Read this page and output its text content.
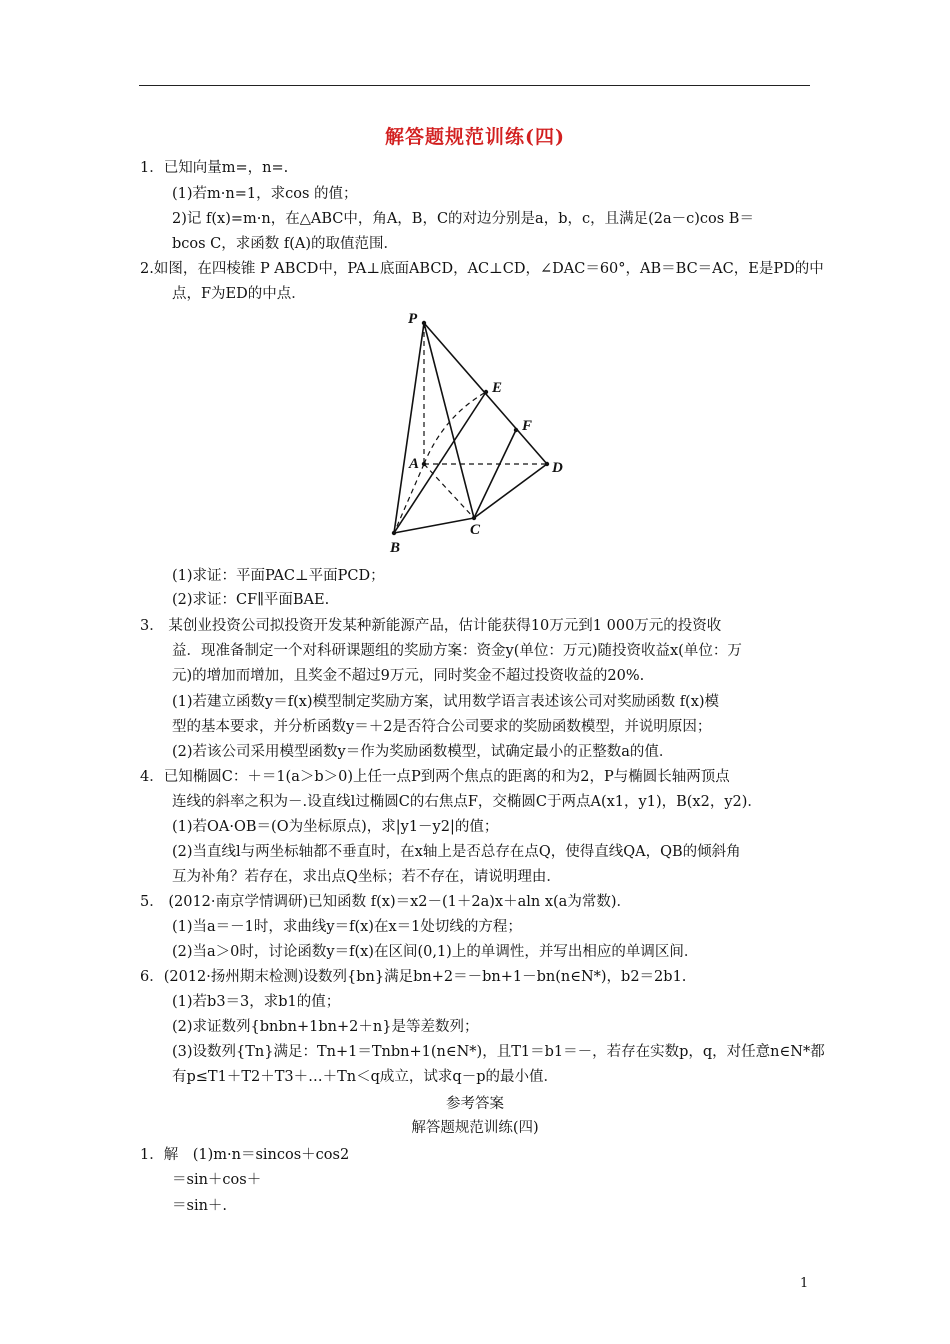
解答题规范训练(四)
1．已知向量m=，n=.
(1)若m·n=1，求cos 的值；
2)记 f(x)=m·n，在△ABC中，角A，B，C的对边分别是a，b，c，且满足(2a－c)cos B＝
bcos C，求函数 f(A)的取值范围．
2.如图，在四棱锥 P ABCD中，PA⊥底面ABCD，AC⊥CD，∠DAC＝60°，AB＝BC＝AC，E是PD的中
点，F为ED的中点．
P
E
F
A	D
C
B
(1)求证：平面PAC⊥平面PCD；
(2)求证：CF∥平面BAE.
3． 某创业投资公司拟投资开发某种新能源产品，估计能获得10万元到1 000万元的投资收
益．现准备制定一个对科研课题组的奖励方案：资金y(单位：万元)随投资收益x(单位：万
元)的增加而增加，且奖金不超过9万元，同时奖金不超过投资收益的20%.
(1)若建立函数y＝f(x)模型制定奖励方案，试用数学语言表述该公司对奖励函数 f(x)模
型的基本要求，并分析函数y＝＋2是否符合公司要求的奖励函数模型，并说明原因；
(2)若该公司采用模型函数y＝作为奖励函数模型，试确定最小的正整数a的值．
4．已知椭圆C：＋＝1(a＞b＞0)上任一点P到两个焦点的距离的和为2，P与椭圆长轴两顶点
连线的斜率之积为－.设直线l过椭圆C的右焦点F，交椭圆C于两点A(x1，y1)，B(x2，y2)．
(1)若OA·OB＝(O为坐标原点)，求|y1－y2|的值；
(2)当直线l与两坐标轴都不垂直时，在x轴上是否总存在点Q，使得直线QA，QB的倾斜角
互为补角？若存在，求出点Q坐标；若不存在，请说明理由．
5． (2012·南京学情调研)已知函数 f(x)＝x2－(1＋2a)x＋aln x(a为常数)．
(1)当a＝－1时，求曲线y＝f(x)在x＝1处切线的方程；
(2)当a＞0时，讨论函数y＝f(x)在区间(0,1)上的单调性，并写出相应的单调区间．
6．(2012·扬州期末检测)设数列{bn}满足bn+2＝－bn+1－bn(n∈N*)，b2＝2b1.
(1)若b3＝3，求b1的值；
(2)求证数列{bnbn+1bn+2＋n}是等差数列；
(3)设数列{Tn}满足：Tn+1＝Tnbn+1(n∈N*)，且T1＝b1＝－，若存在实数p，q，对任意n∈N*都
有p≤T1＋T2＋T3＋…＋Tn＜q成立，试求q－p的最小值．
参考答案
解答题规范训练(四)
1．解　(1)m·n＝sincos＋cos2
＝sin＋cos＋
＝sin＋.
1
